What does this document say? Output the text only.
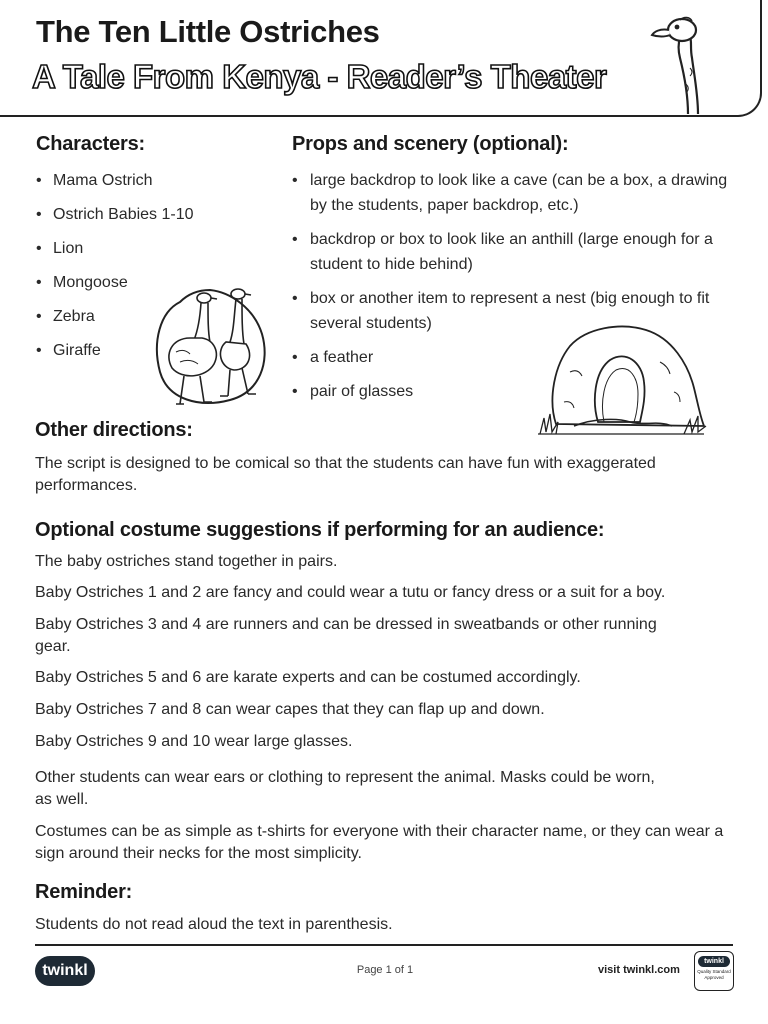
The Ten Little Ostriches
A Tale From Kenya - Reader’s Theater
Characters:
• Mama Ostrich
• Ostrich Babies 1-10
• Lion
• Mongoose
• Zebra
• Giraffe
Props and scenery (optional):
• large backdrop to look like a cave (can be a box, a drawing by the students, paper backdrop, etc.)
• backdrop or box to look like an anthill (large enough for a student to hide behind)
• box or another item to represent a nest (big enough to fit several students)
• a feather
• pair of glasses
Other directions:
The script is designed to be comical so that the students can have fun with exaggerated performances.
Optional costume suggestions if performing for an audience:

The baby ostriches stand together in pairs.

Baby Ostriches 1 and 2 are fancy and could wear a tutu or fancy dress or a suit for a boy.

Baby Ostriches 3 and 4 are runners and can be dressed in sweatbands or other running gear.

Baby Ostriches 5 and 6 are karate experts and can be costumed accordingly.

Baby Ostriches 7 and 8 can wear capes that they can flap up and down.

Baby Ostriches 9 and 10 wear large glasses.

Other students can wear ears or clothing to represent the animal. Masks could be worn, as well.

Costumes can be as simple as t-shirts for everyone with their character name, or they can wear a sign around their necks for the most simplicity.

Reminder:
Students do not read aloud the text in parenthesis.
twinkl	Page 1 of 1	visit twinkl.com
twinkl
Quality Standard Approved
